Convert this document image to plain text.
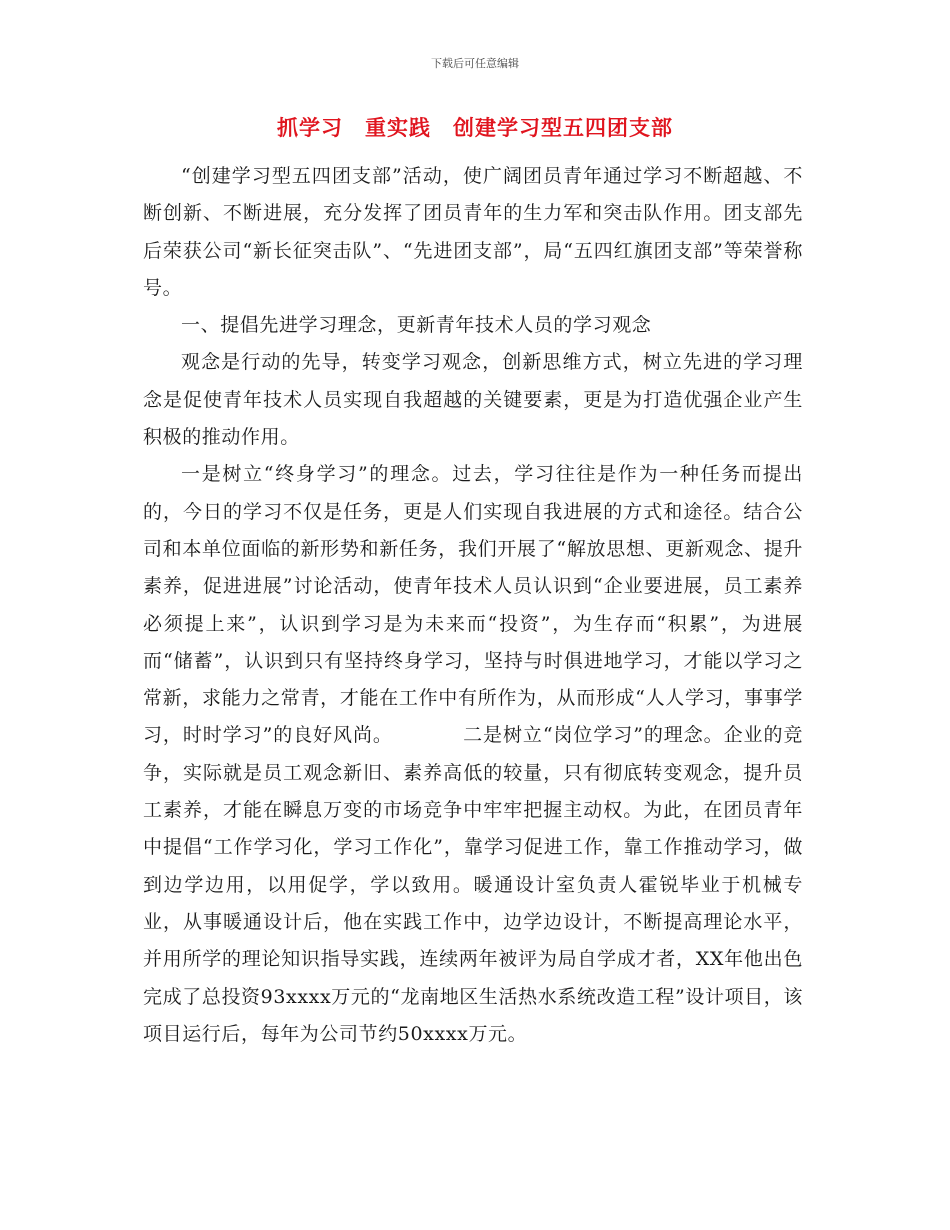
下载后可任意编辑
抓学习　重实践　创建学习型五四团支部

“创建学习型五四团支部”活动，使广阔团员青年通过学习不断超越、不断创新、不断进展，充分发挥了团员青年的生力军和突击队作用。团支部先后荣获公司“新长征突击队”、“先进团支部”，局“五四红旗团支部”等荣誉称号。

一、提倡先进学习理念，更新青年技术人员的学习观念

观念是行动的先导，转变学习观念，创新思维方式，树立先进的学习理念是促使青年技术人员实现自我超越的关键要素，更是为打造优强企业产生积极的推动作用。

一是树立“终身学习”的理念。过去，学习往往是作为一种任务而提出的，今日的学习不仅是任务，更是人们实现自我进展的方式和途径。结合公司和本单位面临的新形势和新任务，我们开展了“解放思想、更新观念、提升素养，促进进展”讨论活动，使青年技术人员认识到“企业要进展，员工素养必须提上来”，认识到学习是为未来而“投资”，为生存而“积累”，为进展而“储蓄”，认识到只有坚持终身学习，坚持与时俱进地学习，才能以学习之常新，求能力之常青，才能在工作中有所作为，从而形成“人人学习，事事学习，时时学习”的良好风尚。　　　　二是树立“岗位学习”的理念。企业的竞争，实际就是员工观念新旧、素养高低的较量，只有彻底转变观念，提升员工素养，才能在瞬息万变的市场竞争中牢牢把握主动权。为此，在团员青年中提倡“工作学习化，学习工作化”，靠学习促进工作，靠工作推动学习，做到边学边用，以用促学，学以致用。暖通设计室负责人霍锐毕业于机械专业，从事暖通设计后，他在实践工作中，边学边设计，不断提高理论水平，并用所学的理论知识指导实践，连续两年被评为局自学成才者，XX年他出色完成了总投资93xxxx万元的“龙南地区生活热水系统改造工程”设计项目，该项目运行后，每年为公司节约50xxxx万元。
